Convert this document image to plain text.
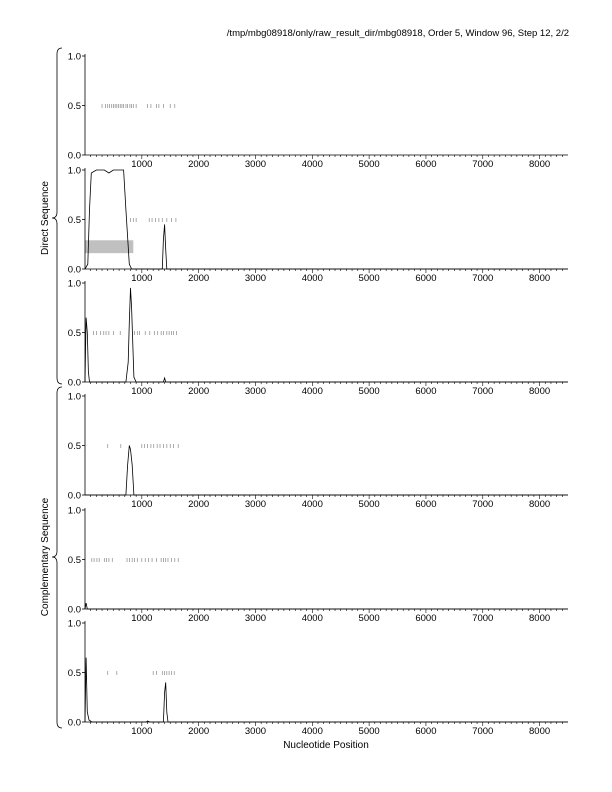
/tmp/mbg08918/only/raw_result_dir/mbg08918, Order 5, Window 96, Step 12, 2/2
0.0
0.5
1.0
1000	2000	3000	4000	5000	6000	7000	8000
0.0
0.5
1.0
1000	2000	3000	4000	5000	6000	7000	8000
0.0
0.5
1.0
1000	2000	3000	4000	5000	6000	7000	8000
0.0
0.5
1.0
1000	2000	3000	4000	5000	6000	7000	8000
0.0
0.5
1.0
1000	2000	3000	4000	5000	6000	7000	8000
0.0
0.5
1.0
1000	2000	3000	4000	5000	6000	7000	8000
Direct Sequence
Complementary Sequence
Nucleotide Position
